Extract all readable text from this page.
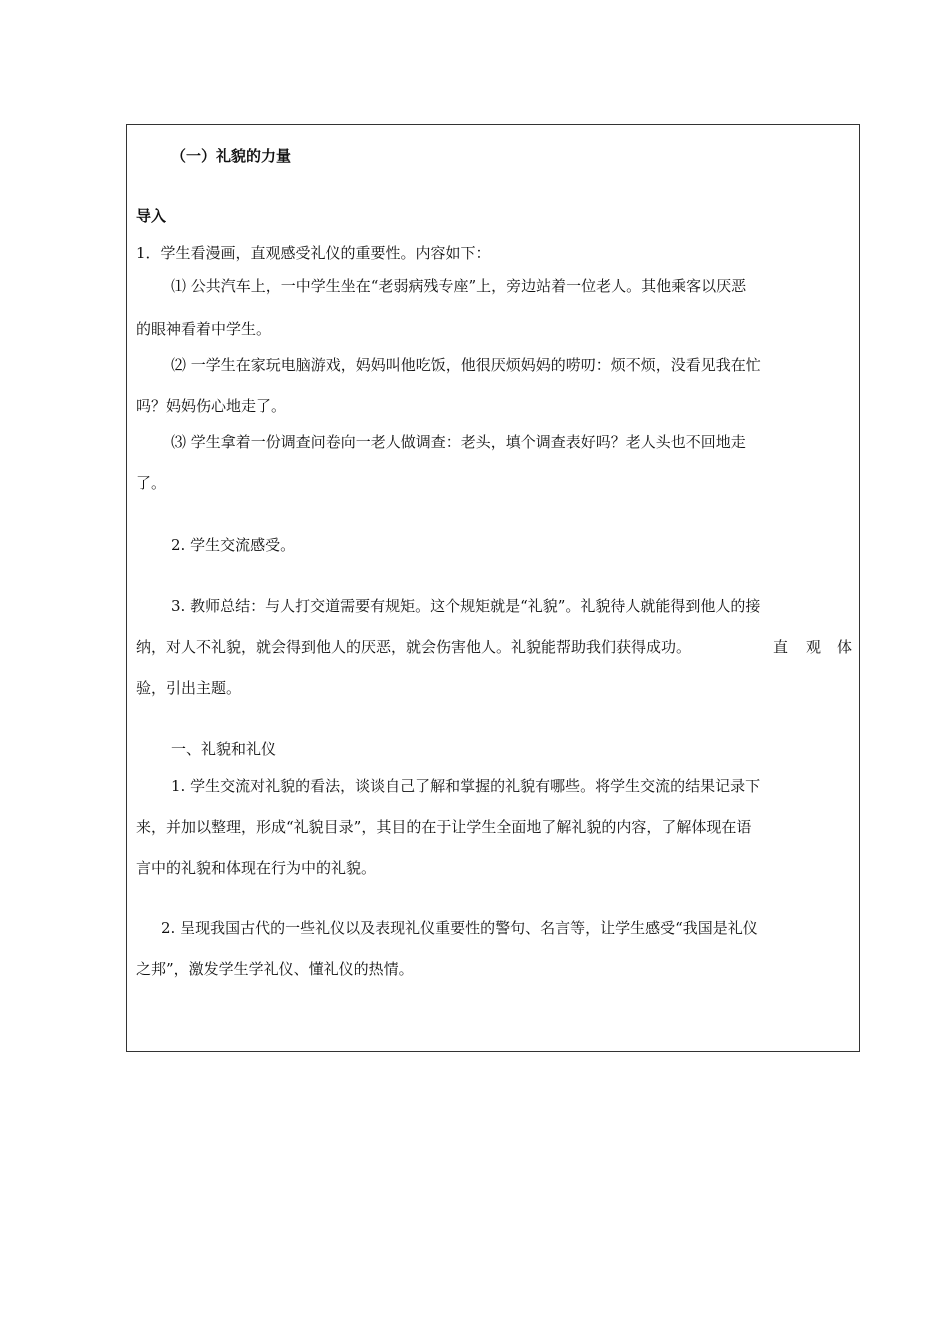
（一）礼貌的力量
导入
1．学生看漫画，直观感受礼仪的重要性。内容如下：
⑴ 公共汽车上，一中学生坐在“老弱病残专座”上，旁边站着一位老人。其他乘客以厌恶
的眼神看着中学生。
⑵ 一学生在家玩电脑游戏，妈妈叫他吃饭，他很厌烦妈妈的唠叨：烦不烦，没看见我在忙
吗？妈妈伤心地走了。
⑶ 学生拿着一份调查问卷向一老人做调查：老头，填个调查表好吗？老人头也不回地走
了。
2. 学生交流感受。
3. 教师总结：与人打交道需要有规矩。这个规矩就是“礼貌”。礼貌待人就能得到他人的接
纳，对人不礼貌，就会得到他人的厌恶，就会伤害他人。礼貌能帮助我们获得成功。	直 观 体
验，引出主题。
一、礼貌和礼仪
1. 学生交流对礼貌的看法，谈谈自己了解和掌握的礼貌有哪些。将学生交流的结果记录下
来，并加以整理，形成“礼貌目录”，其目的在于让学生全面地了解礼貌的内容，了解体现在语
言中的礼貌和体现在行为中的礼貌。
2. 呈现我国古代的一些礼仪以及表现礼仪重要性的警句、名言等，让学生感受“我国是礼仪
之邦”，激发学生学礼仪、懂礼仪的热情。
